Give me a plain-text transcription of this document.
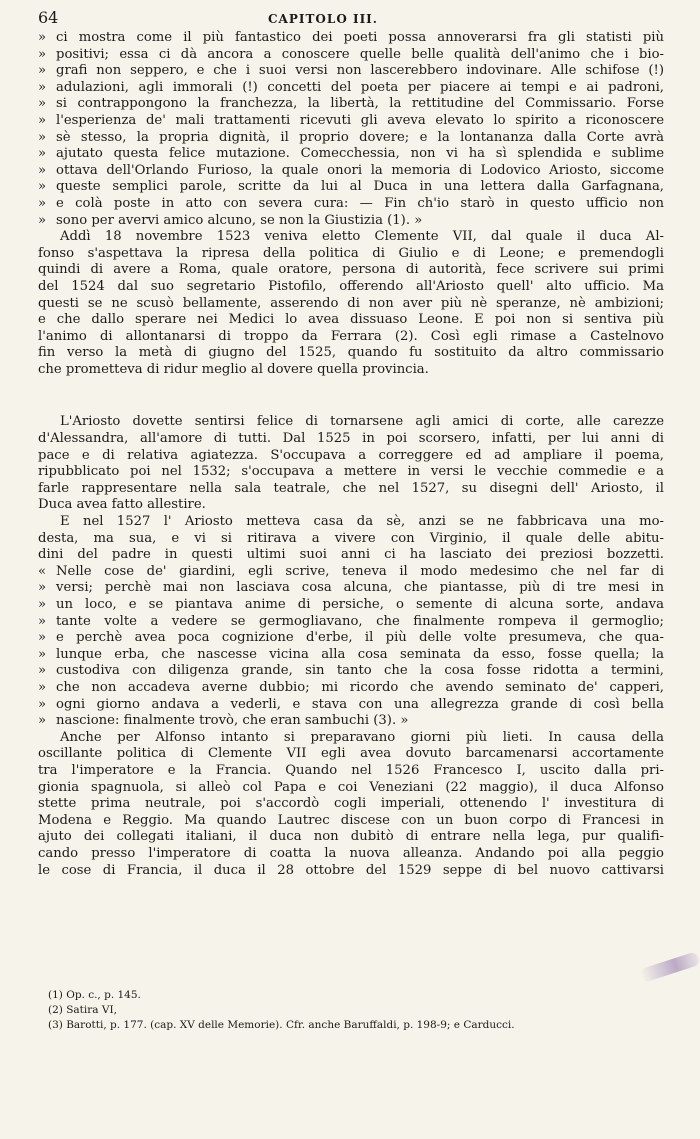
64	CAPITOLO III.
» ci mostra come il più fantastico dei poeti possa annoverarsi fra gli statisti più
» positivi; essa ci dà ancora a conoscere quelle belle qualità dell'animo che i bio-
» grafi non seppero, e che i suoi versi non lascerebbero indovinare. Alle schifose (!)
» adulazioni, agli immorali (!) concetti del poeta per piacere ai tempi e ai padroni,
» si contrappongono la franchezza, la libertà, la rettitudine del Commissario. Forse
» l'esperienza de' mali trattamenti ricevuti gli aveva elevato lo spirito a riconoscere
» sè stesso, la propria dignità, il proprio dovere; e la lontananza dalla Corte avrà
» ajutato questa felice mutazione. Comecchessia, non vi ha sì splendida e sublime
» ottava dell'Orlando Furioso, la quale onori la memoria di Lodovico Ariosto, siccome
» queste semplici parole, scritte da lui al Duca in una lettera dalla Garfagnana,
» e colà poste in atto con severa cura: — Fin ch'io starò in questo ufficio non
» sono per avervi amico alcuno, se non la Giustizia (1). »
Addì 18 novembre 1523 veniva eletto Clemente VII, dal quale il duca Al-
fonso s'aspettava la ripresa della politica di Giulio e di Leone; e premendogli
quindi di avere a Roma, quale oratore, persona di autorità, fece scrivere sui primi
del 1524 dal suo segretario Pistofilo, offerendo all'Ariosto quell' alto ufficio. Ma
questi se ne scusò bellamente, asserendo di non aver più nè speranze, nè ambizioni;
e che dallo sperare nei Medici lo avea dissuaso Leone. E poi non si sentiva più
l'animo di allontanarsi di troppo da Ferrara (2). Così egli rimase a Castelnovo
fin verso la metà di giugno del 1525, quando fu sostituito da altro commissario
che prometteva di ridur meglio al dovere quella provincia.
L'Ariosto dovette sentirsi felice di tornarsene agli amici di corte, alle carezze
d'Alessandra, all'amore di tutti. Dal 1525 in poi scorsero, infatti, per lui anni di
pace e di relativa agiatezza. S'occupava a correggere ed ad ampliare il poema,
ripubblicato poi nel 1532; s'occupava a mettere in versi le vecchie commedie e a
farle rappresentare nella sala teatrale, che nel 1527, su disegni dell' Ariosto, il
Duca avea fatto allestire.
E nel 1527 l' Ariosto metteva casa da sè, anzi se ne fabbricava una mo-
desta, ma sua, e vi si ritirava a vivere con Virginio, il quale delle abitu-
dini del padre in questi ultimi suoi anni ci ha lasciato dei preziosi bozzetti.
« Nelle cose de' giardini, egli scrive, teneva il modo medesimo che nel far di
» versi; perchè mai non lasciava cosa alcuna, che piantasse, più di tre mesi in
» un loco, e se piantava anime di persiche, o semente di alcuna sorte, andava
» tante volte a vedere se germogliavano, che finalmente rompeva il germoglio;
» e perchè avea poca cognizione d'erbe, il più delle volte presumeva, che qua-
» lunque erba, che nascesse vicina alla cosa seminata da esso, fosse quella; la
» custodiva con diligenza grande, sin tanto che la cosa fosse ridotta a termini,
» che non accadeva averne dubbio; mi ricordo che avendo seminato de' capperi,
» ogni giorno andava a vederli, e stava con una allegrezza grande di così bella
» nascione: finalmente trovò, che eran sambuchi (3). »
Anche per Alfonso intanto si preparavano giorni più lieti. In causa della
oscillante politica di Clemente VII egli avea dovuto barcamenarsi accortamente
tra l'imperatore e la Francia. Quando nel 1526 Francesco I, uscito dalla pri-
gionia spagnuola, si alleò col Papa e coi Veneziani (22 maggio), il duca Alfonso
stette prima neutrale, poi s'accordò cogli imperiali, ottenendo l' investitura di
Modena e Reggio. Ma quando Lautrec discese con un buon corpo di Francesi in
ajuto dei collegati italiani, il duca non dubitò di entrare nella lega, pur qualifi-
cando presso l'imperatore di coatta la nuova alleanza. Andando poi alla peggio
le cose di Francia, il duca il 28 ottobre del 1529 seppe di bel nuovo cattivarsi
(1) Op. c., p. 145.
(2) Satira VI,
(3) Barotti, p. 177. (cap. XV delle Memorie). Cfr. anche Baruffaldi, p. 198-9; e Carducci.
